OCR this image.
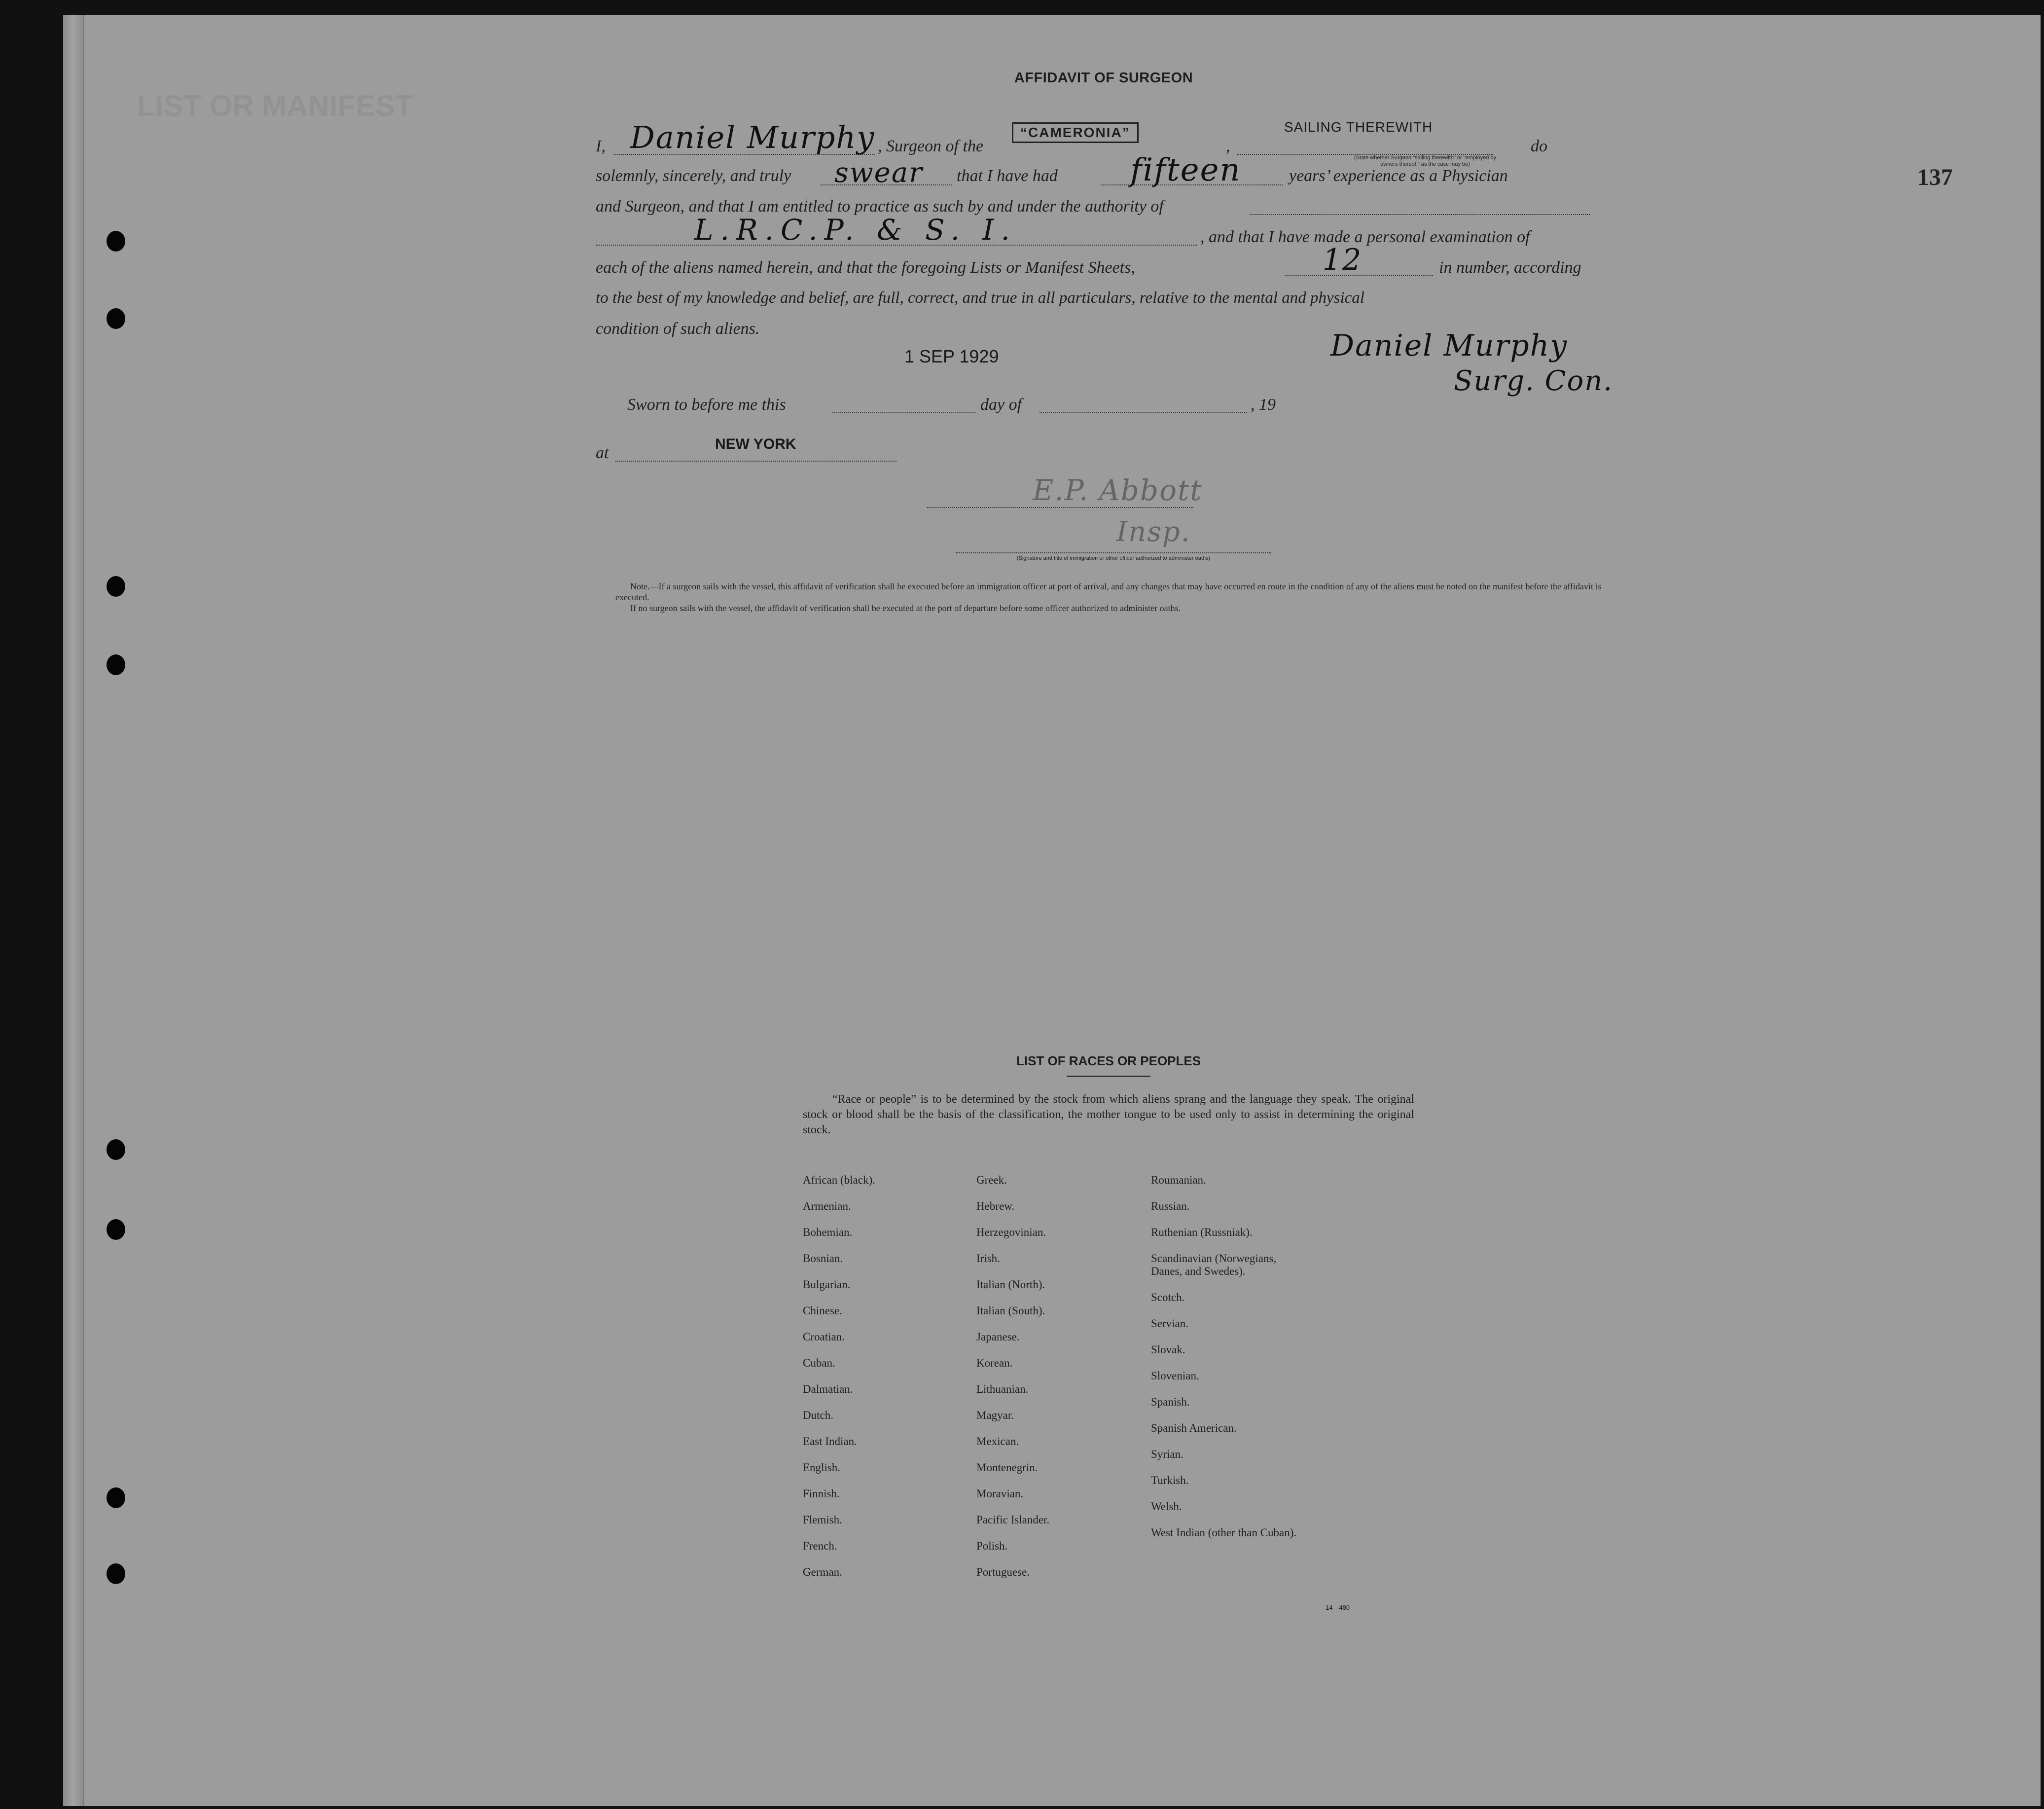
LIST OR MANIFEST
137
AFFIDAVIT OF SURGEON
I, Daniel Murphy , Surgeon of the
“CAMERONIA”
,
SAILING THEREWITH
(State whether Surgeon "sailing therewith" or "employed by owners thereof," as the case may be)
do
solemnly, sincerely, and truly swear that I have had fifteen	years’ experience as a Physician
and Surgeon, and that I am entitled to practice as such by and under the authority of
L.R.C.P. & S. I.	, and that I have made a personal examination of
each of the aliens named herein, and that the foregoing Lists or Manifest Sheets,	12	in number, according
to the best of my knowledge and belief, are full, correct, and true in all particulars, relative to the mental and physical
condition of such aliens.
1 SEP 1929	Daniel Murphy
Surg. Con.
Sworn to before me this	day of	, 19
at	NEW YORK
E.P. Abbott
Insp.
(Signature and title of immigration or other officer authorized to administer oaths)
Note.—If a surgeon sails with the vessel, this affidavit of verification shall be executed before an immigration officer at port of arrival, and any changes that may have occurred en route in the condition of any of the aliens must be noted on the manifest before the affidavit is executed.
If no surgeon sails with the vessel, the affidavit of verification shall be executed at the port of departure before some officer authorized to administer oaths.
LIST OF RACES OR PEOPLES
“Race or people” is to be determined by the stock from which aliens sprang and the language they speak. The original stock or blood shall be the basis of the classification, the mother tongue to be used only to assist in determining the original stock.
African (black).
Armenian.
Bohemian.
Bosnian.
Bulgarian.
Chinese.
Croatian.
Cuban.
Dalmatian.
Dutch.
East Indian.
English.
Finnish.
Flemish.
French.
German.
Greek.
Hebrew.
Herzegovinian.
Irish.
Italian (North).
Italian (South).
Japanese.
Korean.
Lithuanian.
Magyar.
Mexican.
Montenegrin.
Moravian.
Pacific Islander.
Polish.
Portuguese.
Roumanian.
Russian.
Ruthenian (Russniak).
Scandinavian (Norwegians, Danes, and Swedes).
Scotch.
Servian.
Slovak.
Slovenian.
Spanish.
Spanish American.
Syrian.
Turkish.
Welsh.
West Indian (other than Cuban).
14—480
